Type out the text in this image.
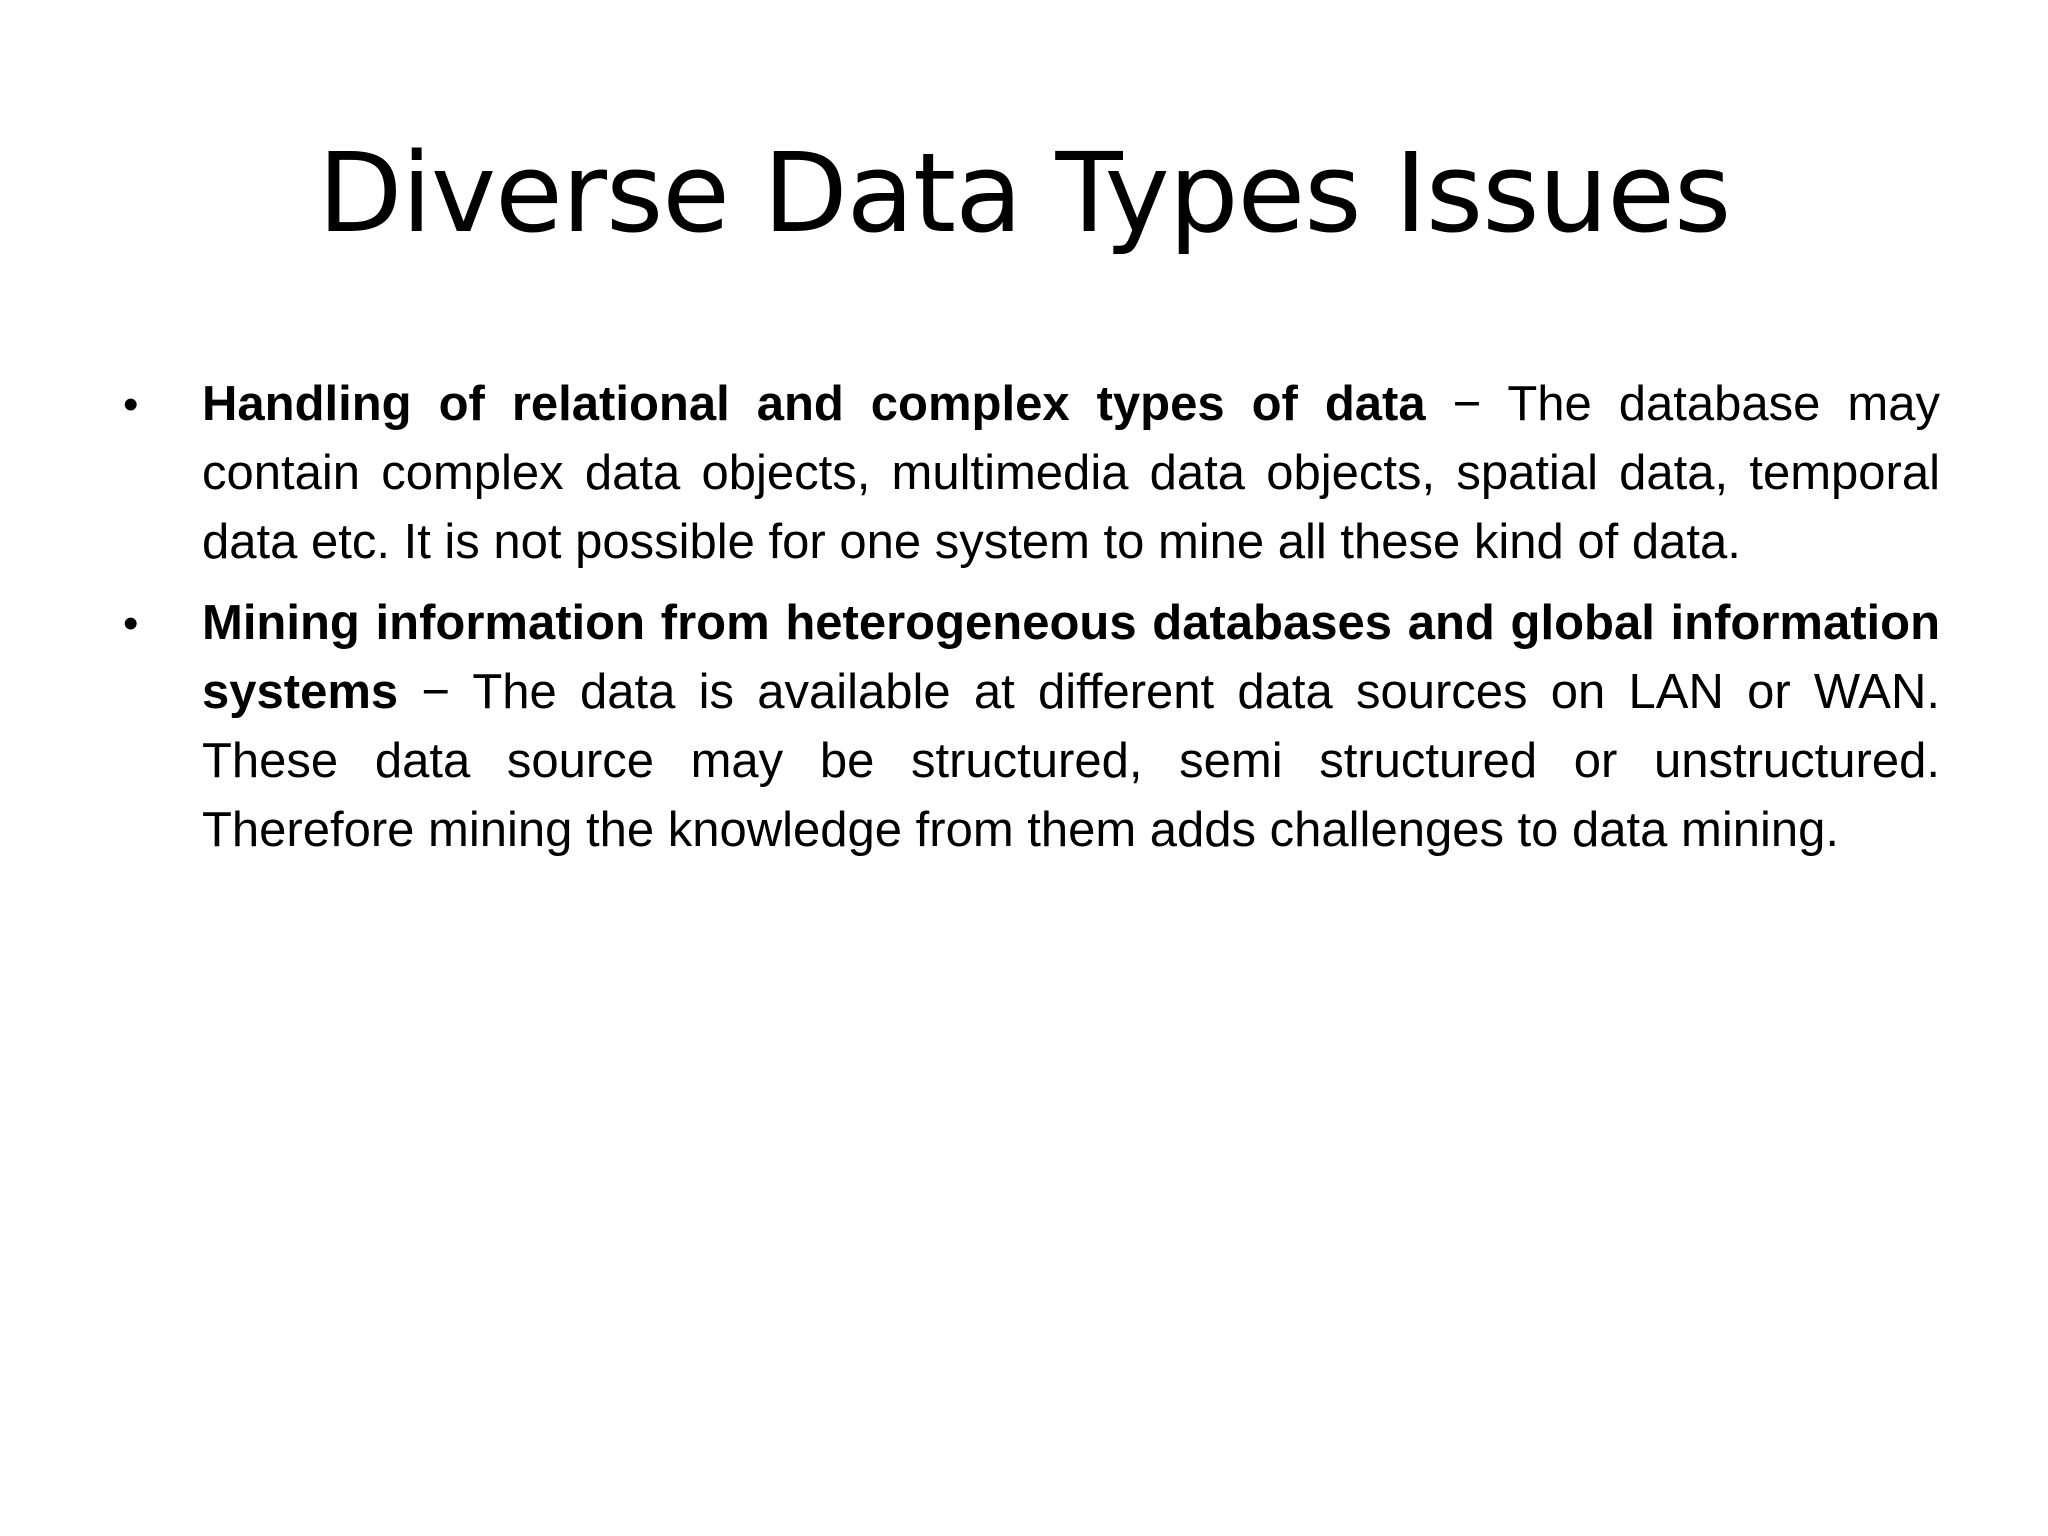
Diverse Data Types Issues
•	Handling of relational and complex types of data − The database may contain complex data objects, multimedia data objects, spatial data, temporal data etc. It is not possible for one system to mine all these kind of data.
•	Mining information from heterogeneous databases and global information systems − The data is available at different data sources on LAN or WAN. These data source may be structured, semi structured or unstructured. Therefore mining the knowledge from them adds challenges to data mining.
